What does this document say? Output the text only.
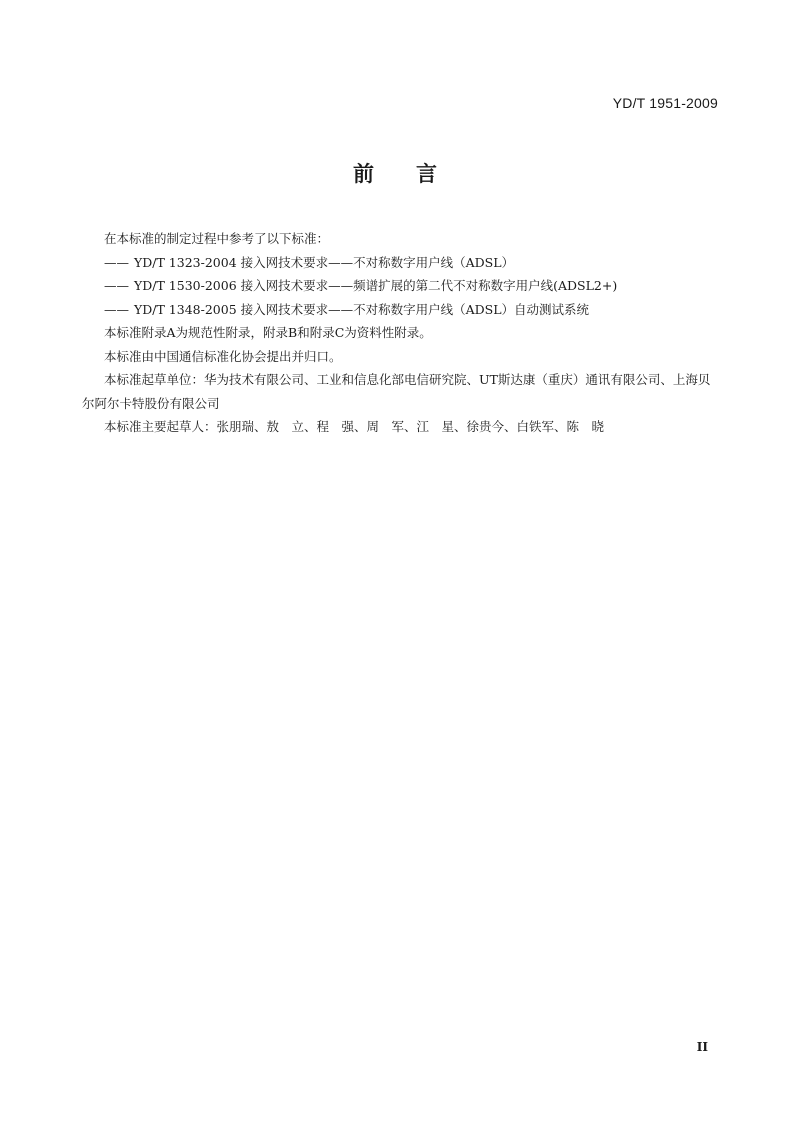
YD/T 1951-2009
前 言
在本标准的制定过程中参考了以下标准：
—— YD/T 1323-2004 接入网技术要求——不对称数字用户线（ADSL）
—— YD/T 1530-2006 接入网技术要求——频谱扩展的第二代不对称数字用户线(ADSL2+)
—— YD/T 1348-2005 接入网技术要求——不对称数字用户线（ADSL）自动测试系统
本标准附录A为规范性附录，附录B和附录C为资料性附录。
本标准由中国通信标准化协会提出并归口。
本标准起草单位：华为技术有限公司、工业和信息化部电信研究院、UT斯达康（重庆）通讯有限公司、上海贝尔阿尔卡特股份有限公司
本标准主要起草人：张朋瑞、敖　立、程　强、周　军、江　星、徐贵今、白铁军、陈　晓
II
